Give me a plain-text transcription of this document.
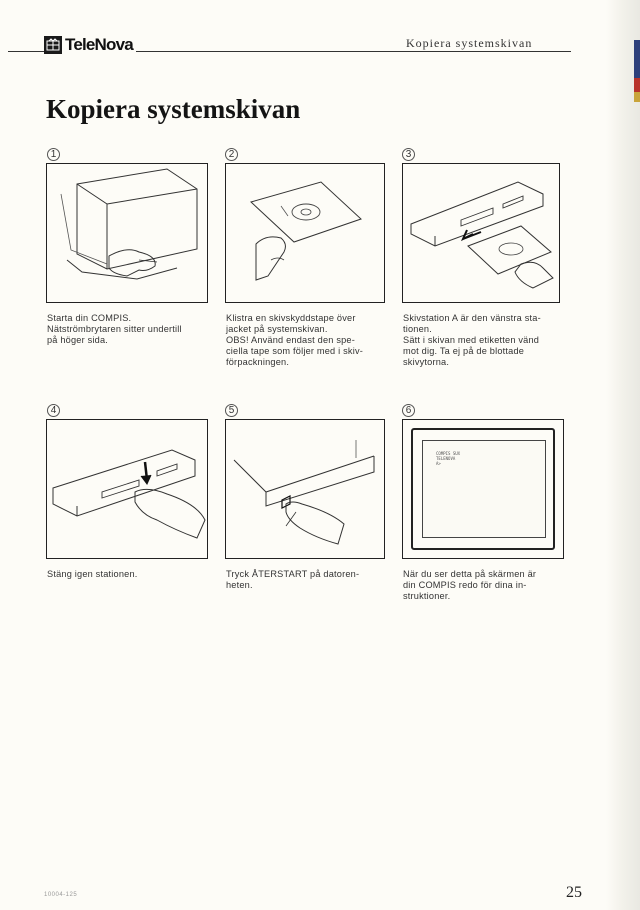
TeleNova	Kopiera systemskivan
Kopiera systemskivan
1
Starta din COMPIS.
Nätströmbrytaren sitter undertill
på höger sida.
2
Klistra en skivskyddstape över
jacket på systemskivan.
OBS! Använd endast den spe-
ciella tape som följer med i skiv-
förpackningen.
3
Skivstation A är den vänstra sta-
tionen.
Sätt i skivan med etiketten vänd
mot dig. Ta ej på de blottade
skivytorna.
4
Stäng igen stationen.
5
Tryck ÅTERSTART på datoren-
heten.
6
COMPIS SUX
TELENOVA
A>
När du ser detta på skärmen är
din COMPIS redo för dina in-
struktioner.
10004-125	25
